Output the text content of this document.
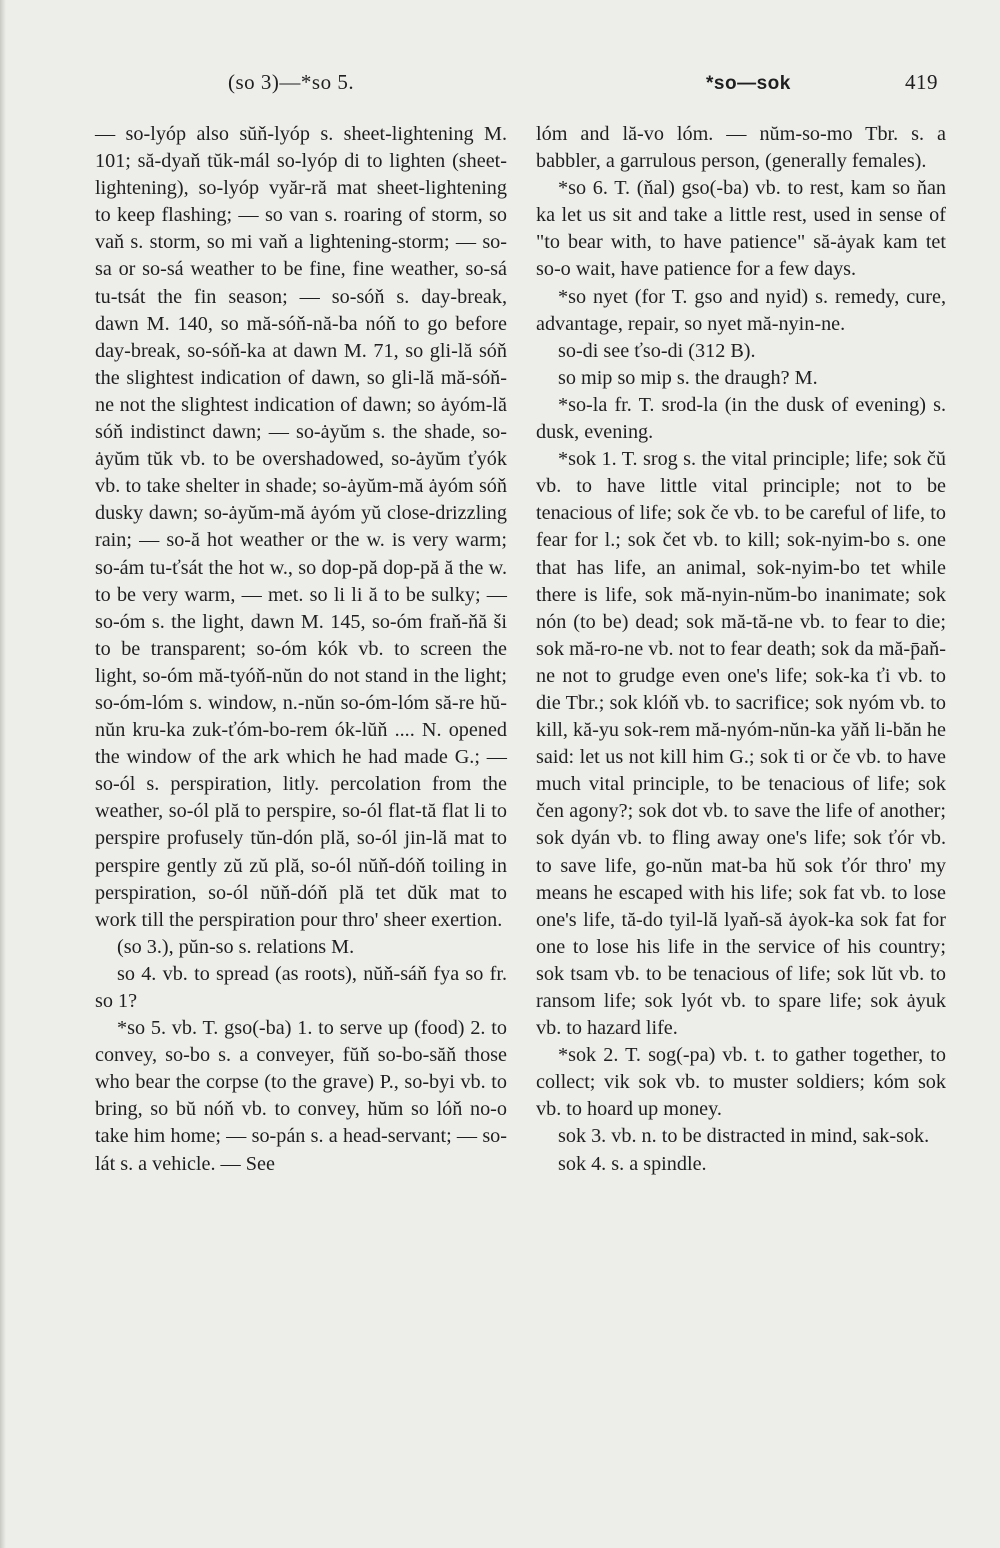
(so 3)—*so 5.	*so—sok	419

— so-lyóp also sŭň-lyóp s. sheet-lightening M. 101; să-dyaň tŭk-mál so-lyóp di to lighten (sheet-lightening), so-lyóp vyăr-ră mat sheet-lightening to keep flashing; — so van s. roaring of storm, so vaň s. storm, so mi vaň a lightening-storm; — so-sa or so-sá weather to be fine, fine weather, so-sá tu-tsát the fin season; — so-sóň s. day-break, dawn M. 140, so mă-sóň-nă-ba nóň to go before day-break, so-sóň-ka at dawn M. 71, so gli-lă sóň the slightest indication of dawn, so gli-lă mă-sóň-ne not the slightest indication of dawn; so ȧyóm-lă sóň indistinct dawn; — so-ȧyŭm s. the shade, so-ȧyŭm tŭk vb. to be overshadowed, so-ȧyŭm ťyók vb. to take shelter in shade; so-ȧyŭm-mă ȧyóm sóň dusky dawn; so-ȧyŭm-mă ȧyóm yŭ close-drizzling rain; — so-ă hot weather or the w. is very warm; so-ám tu-ťsát the hot w., so dop-pă dop-pă ă the w. to be very warm, — met. so li li ă to be sulky; — so-óm s. the light, dawn M. 145, so-óm fraň-ňă ši to be transparent; so-óm kók vb. to screen the light, so-óm mă-tyóň-nŭn do not stand in the light; so-óm-lóm s. window, n.-nŭn so-óm-lóm să-re hŭ-nŭn kru-ka zuk-ťóm-bo-rem ók-lŭň .... N. opened the window of the ark which he had made G.; — so-ól s. perspiration, litly. percolation from the weather, so-ól plă to perspire, so-ól flat-tă flat li to perspire profusely tŭn-dón plă, so-ól jin-lă mat to perspire gently zŭ zŭ plă, so-ól nŭň-dóň toiling in perspiration, so-ól nŭň-dóň plă tet dŭk mat to work till the perspiration pour thro' sheer exertion.

(so 3.), pŭn-so s. relations M.

so 4. vb. to spread (as roots), nŭň-sáň fya so fr. so 1?

*so 5. vb. T. gso(-ba) 1. to serve up (food) 2. to convey, so-bo s. a conveyer, fŭň so-bo-săň those who bear the corpse (to the grave) P., so-byi vb. to bring, so bŭ nóň vb. to convey, hŭm so lóň no-o take him home; — so-pán s. a head-servant; — so-lát s. a vehicle. — See

lóm and lă-vo lóm. — nŭm-so-mo Tbr. s. a babbler, a garrulous person, (generally females).

*so 6. T. (ňal) gso(-ba) vb. to rest, kam so ňan ka let us sit and take a little rest, used in sense of "to bear with, to have patience" să-ȧyak kam tet so-o wait, have patience for a few days.

*so nyet (for T. gso and nyid) s. remedy, cure, advantage, repair, so nyet mă-nyin-ne.

so-di see ťso-di (312 B).

so mip so mip s. the draugh? M.

*so-la fr. T. srod-la (in the dusk of evening) s. dusk, evening.

*sok 1. T. srog s. the vital principle; life; sok čŭ vb. to have little vital principle; not to be tenacious of life; sok če vb. to be careful of life, to fear for l.; sok čet vb. to kill; sok-nyim-bo s. one that has life, an animal, sok-nyim-bo tet while there is life, sok mă-nyin-nŭm-bo inanimate; sok nón (to be) dead; sok mă-tă-ne vb. to fear to die; sok mă-ro-ne vb. not to fear death; sok da mă-p̄aň-ne not to grudge even one's life; sok-ka ťi vb. to die Tbr.; sok klóň vb. to sacrifice; sok nyóm vb. to kill, kă-yu sok-rem mă-nyóm-nŭn-ka yăň li-băn he said: let us not kill him G.; sok ti or če vb. to have much vital principle, to be tenacious of life; sok čen agony?; sok dot vb. to save the life of another; sok dyán vb. to fling away one's life; sok ťór vb. to save life, go-nŭn mat-ba hŭ sok ťór thro' my means he escaped with his life; sok fat vb. to lose one's life, tă-do tyil-lă lyaň-să ȧyok-ka sok fat for one to lose his life in the service of his country; sok tsam vb. to be tenacious of life; sok lŭt vb. to ransom life; sok lyót vb. to spare life; sok ȧyuk vb. to hazard life.

*sok 2. T. sog(-pa) vb. t. to gather together, to collect; vik sok vb. to muster soldiers; kóm sok vb. to hoard up money.

sok 3. vb. n. to be distracted in mind, sak-sok.

sok 4. s. a spindle.
